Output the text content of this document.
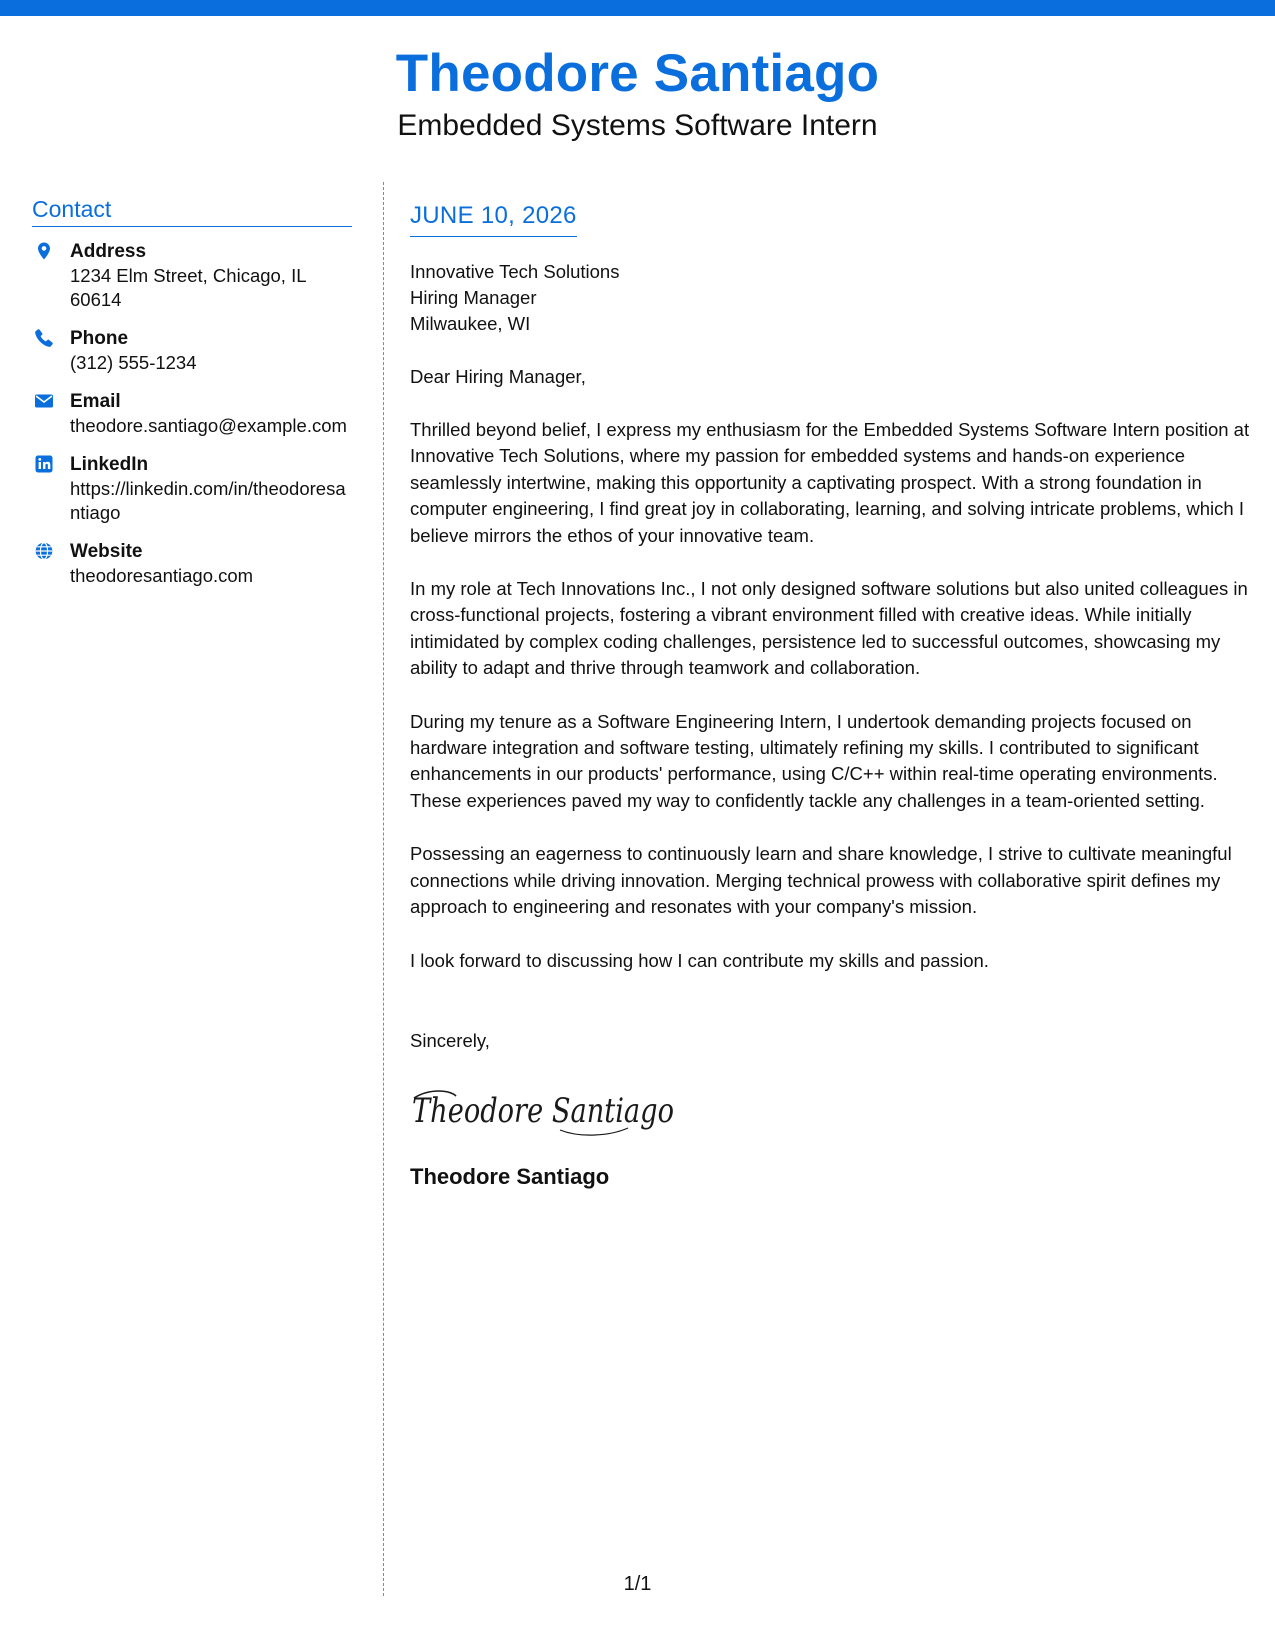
Theodore Santiago
Embedded Systems Software Intern
Contact
Address
1234 Elm Street, Chicago, IL 60614
Phone
(312) 555-1234
Email
theodore.santiago@example.com
LinkedIn
https://linkedin.com/in/theodoresantiago
Website
theodoresantiago.com
JUNE 10, 2026
Innovative Tech Solutions
Hiring Manager
Milwaukee, WI
Dear Hiring Manager,
Thrilled beyond belief, I express my enthusiasm for the Embedded Systems Software Intern position at Innovative Tech Solutions, where my passion for embedded systems and hands-on experience seamlessly intertwine, making this opportunity a captivating prospect. With a strong foundation in computer engineering, I find great joy in collaborating, learning, and solving intricate problems, which I believe mirrors the ethos of your innovative team.
In my role at Tech Innovations Inc., I not only designed software solutions but also united colleagues in cross-functional projects, fostering a vibrant environment filled with creative ideas. While initially intimidated by complex coding challenges, persistence led to successful outcomes, showcasing my ability to adapt and thrive through teamwork and collaboration.
During my tenure as a Software Engineering Intern, I undertook demanding projects focused on hardware integration and software testing, ultimately refining my skills. I contributed to significant enhancements in our products' performance, using C/C++ within real-time operating environments. These experiences paved my way to confidently tackle any challenges in a team-oriented setting.
Possessing an eagerness to continuously learn and share knowledge, I strive to cultivate meaningful connections while driving innovation. Merging technical prowess with collaborative spirit defines my approach to engineering and resonates with your company's mission.
I look forward to discussing how I can contribute my skills and passion.
Sincerely,
Theodore Santiago
Theodore Santiago
1/1
